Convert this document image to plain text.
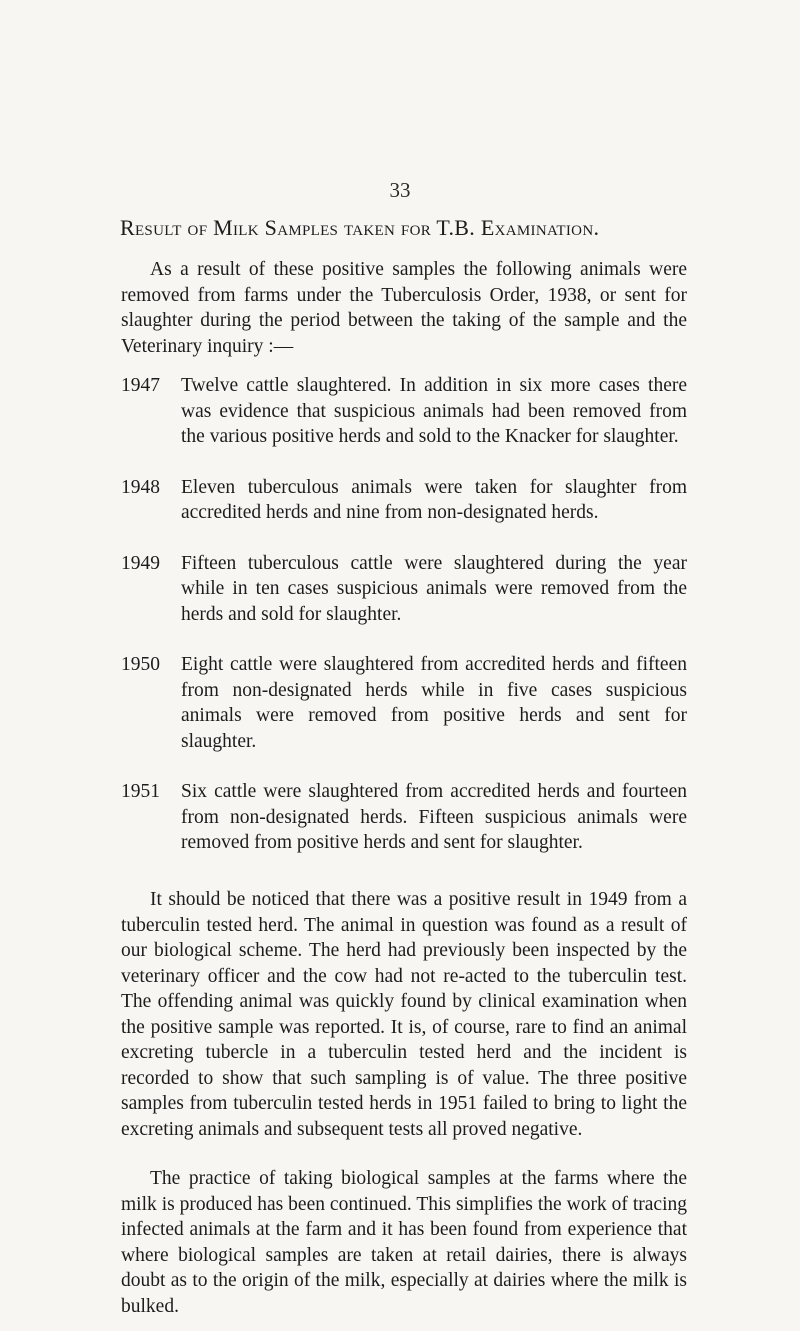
33
Result of Milk Samples taken for T.B. Examination.

As a result of these positive samples the following animals were removed from farms under the Tuberculosis Order, 1938, or sent for slaughter during the period between the taking of the sample and the Veterinary inquiry :—

1947	Twelve cattle slaughtered. In addition in six more cases there was evidence that suspicious animals had been removed from the various positive herds and sold to the Knacker for slaughter.
1948	Eleven tuberculous animals were taken for slaughter from accredited herds and nine from non-designated herds.
1949	Fifteen tuberculous cattle were slaughtered during the year while in ten cases suspicious animals were removed from the herds and sold for slaughter.
1950	Eight cattle were slaughtered from accredited herds and fifteen from non-designated herds while in five cases suspicious animals were removed from positive herds and sent for slaughter.
1951	Six cattle were slaughtered from accredited herds and fourteen from non-designated herds. Fifteen suspicious animals were removed from positive herds and sent for slaughter.

It should be noticed that there was a positive result in 1949 from a tuberculin tested herd. The animal in question was found as a result of our biological scheme. The herd had previously been inspected by the veterinary officer and the cow had not re-acted to the tuberculin test. The offending animal was quickly found by clinical examination when the positive sample was reported. It is, of course, rare to find an animal excreting tubercle in a tuberculin tested herd and the incident is recorded to show that such sampling is of value. The three positive samples from tuberculin tested herds in 1951 failed to bring to light the excreting animals and subsequent tests all proved negative.

The practice of taking biological samples at the farms where the milk is produced has been continued. This simplifies the work of tracing infected animals at the farm and it has been found from experience that where biological samples are taken at retail dairies, there is always doubt as to the origin of the milk, especially at dairies where the milk is bulked.
